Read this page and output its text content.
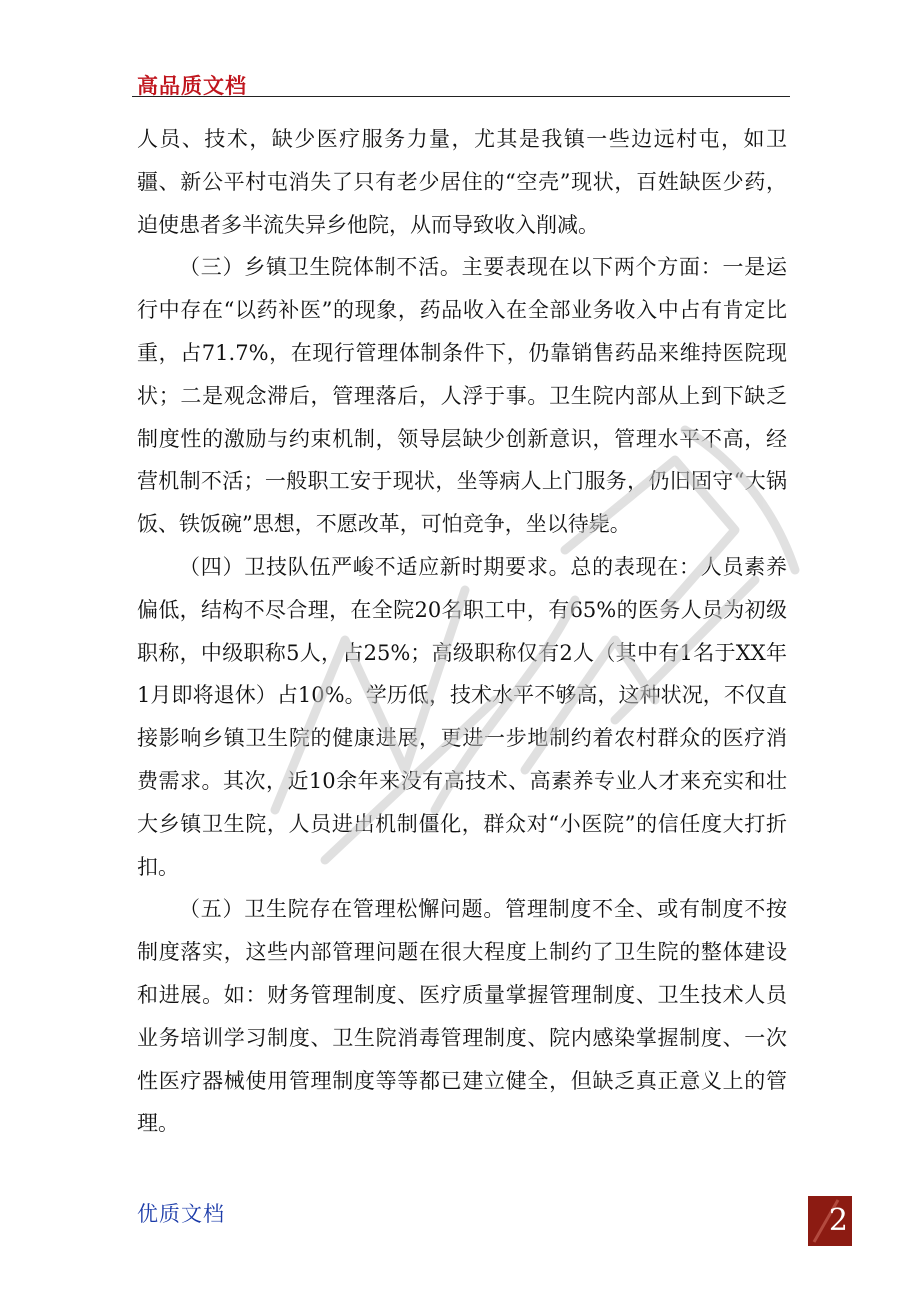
高品质文档

人员、技术，缺少医疗服务力量，尤其是我镇一些边远村屯，如卫疆、新公平村屯消失了只有老少居住的“空壳”现状，百姓缺医少药，迫使患者多半流失异乡他院，从而导致收入削减。

（三）乡镇卫生院体制不活。主要表现在以下两个方面：一是运行中存在“以药补医”的现象，药品收入在全部业务收入中占有肯定比重，占71.7%，在现行管理体制条件下，仍靠销售药品来维持医院现状；二是观念滞后，管理落后，人浮于事。卫生院内部从上到下缺乏制度性的激励与约束机制，领导层缺少创新意识，管理水平不高，经营机制不活；一般职工安于现状，坐等病人上门服务，仍旧固守“大锅饭、铁饭碗”思想，不愿改革，可怕竞争，坐以待毙。

（四）卫技队伍严峻不适应新时期要求。总的表现在：人员素养偏低，结构不尽合理，在全院20名职工中，有65%的医务人员为初级职称，中级职称5人，占25%；高级职称仅有2人（其中有1名于XX年1月即将退休）占10%。学历低，技术水平不够高，这种状况，不仅直接影响乡镇卫生院的健康进展，更进一步地制约着农村群众的医疗消费需求。其次，近10余年来没有高技术、高素养专业人才来充实和壮大乡镇卫生院，人员进出机制僵化，群众对“小医院”的信任度大打折扣。

（五）卫生院存在管理松懈问题。管理制度不全、或有制度不按制度落实，这些内部管理问题在很大程度上制约了卫生院的整体建设和进展。如：财务管理制度、医疗质量掌握管理制度、卫生技术人员业务培训学习制度、卫生院消毒管理制度、院内感染掌握制度、一次性医疗器械使用管理制度等等都已建立健全，但缺乏真正意义上的管理。

优质文档	2
